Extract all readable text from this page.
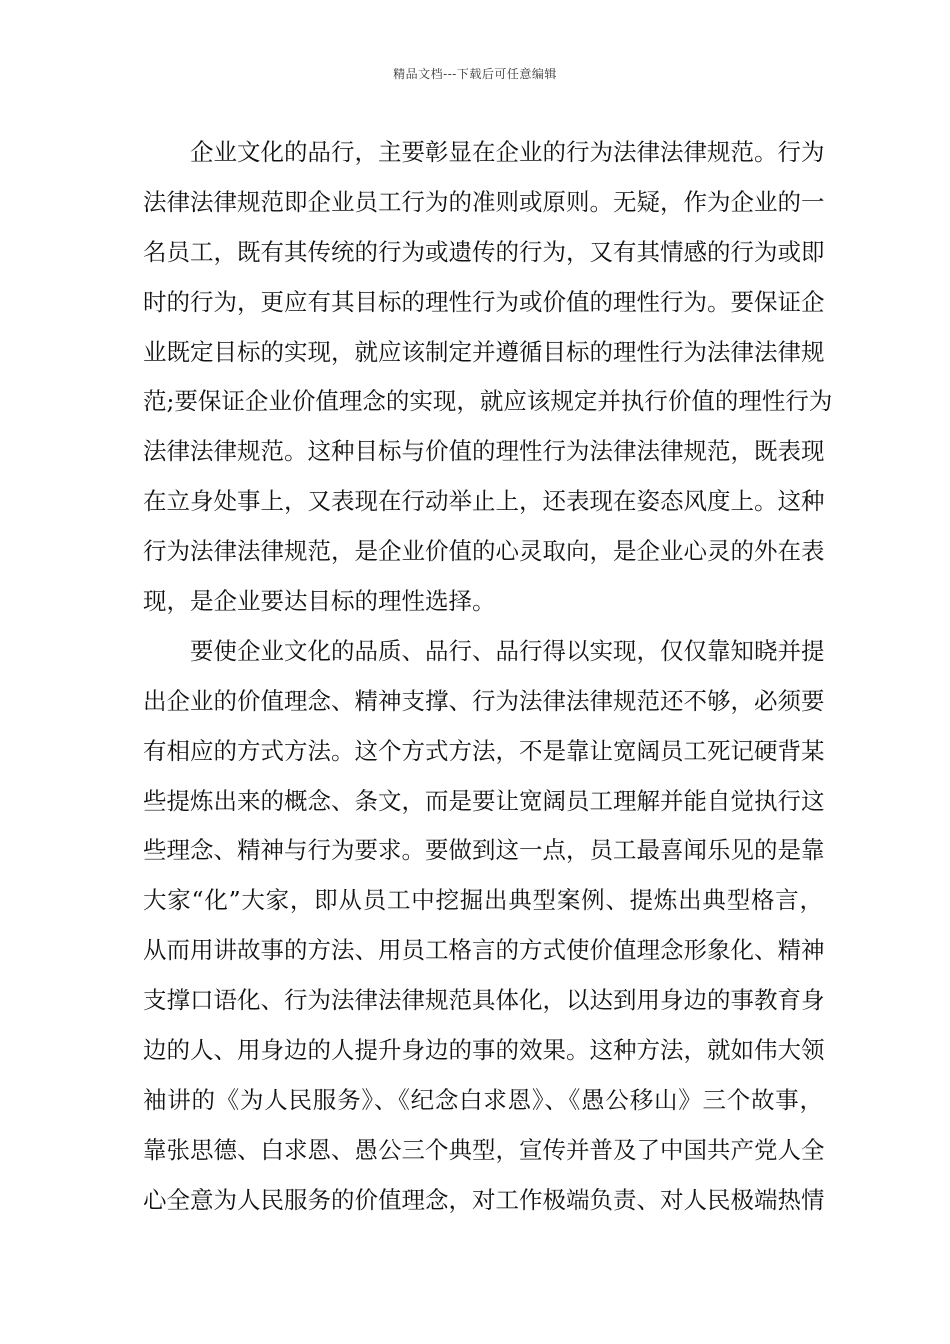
精品文档---下载后可任意编辑
企业文化的品行，主要彰显在企业的行为法律法律规范。行为
法律法律规范即企业员工行为的准则或原则。无疑，作为企业的一
名员工，既有其传统的行为或遗传的行为，又有其情感的行为或即
时的行为，更应有其目标的理性行为或价值的理性行为。要保证企
业既定目标的实现，就应该制定并遵循目标的理性行为法律法律规
范;要保证企业价值理念的实现，就应该规定并执行价值的理性行为
法律法律规范。这种目标与价值的理性行为法律法律规范，既表现
在立身处事上，又表现在行动举止上，还表现在姿态风度上。这种
行为法律法律规范，是企业价值的心灵取向，是企业心灵的外在表
现，是企业要达目标的理性选择。
要使企业文化的品质、品行、品行得以实现，仅仅靠知晓并提
出企业的价值理念、精神支撑、行为法律法律规范还不够，必须要
有相应的方式方法。这个方式方法，不是靠让宽阔员工死记硬背某
些提炼出来的概念、条文，而是要让宽阔员工理解并能自觉执行这
些理念、精神与行为要求。要做到这一点，员工最喜闻乐见的是靠
大家“化”大家，即从员工中挖掘出典型案例、提炼出典型格言，
从而用讲故事的方法、用员工格言的方式使价值理念形象化、精神
支撑口语化、行为法律法律规范具体化，以达到用身边的事教育身
边的人、用身边的人提升身边的事的效果。这种方法，就如伟大领
袖讲的《为人民服务》、《纪念白求恩》、《愚公移山》三个故事，
靠张思德、白求恩、愚公三个典型，宣传并普及了中国共产党人全
心全意为人民服务的价值理念，对工作极端负责、对人民极端热情
